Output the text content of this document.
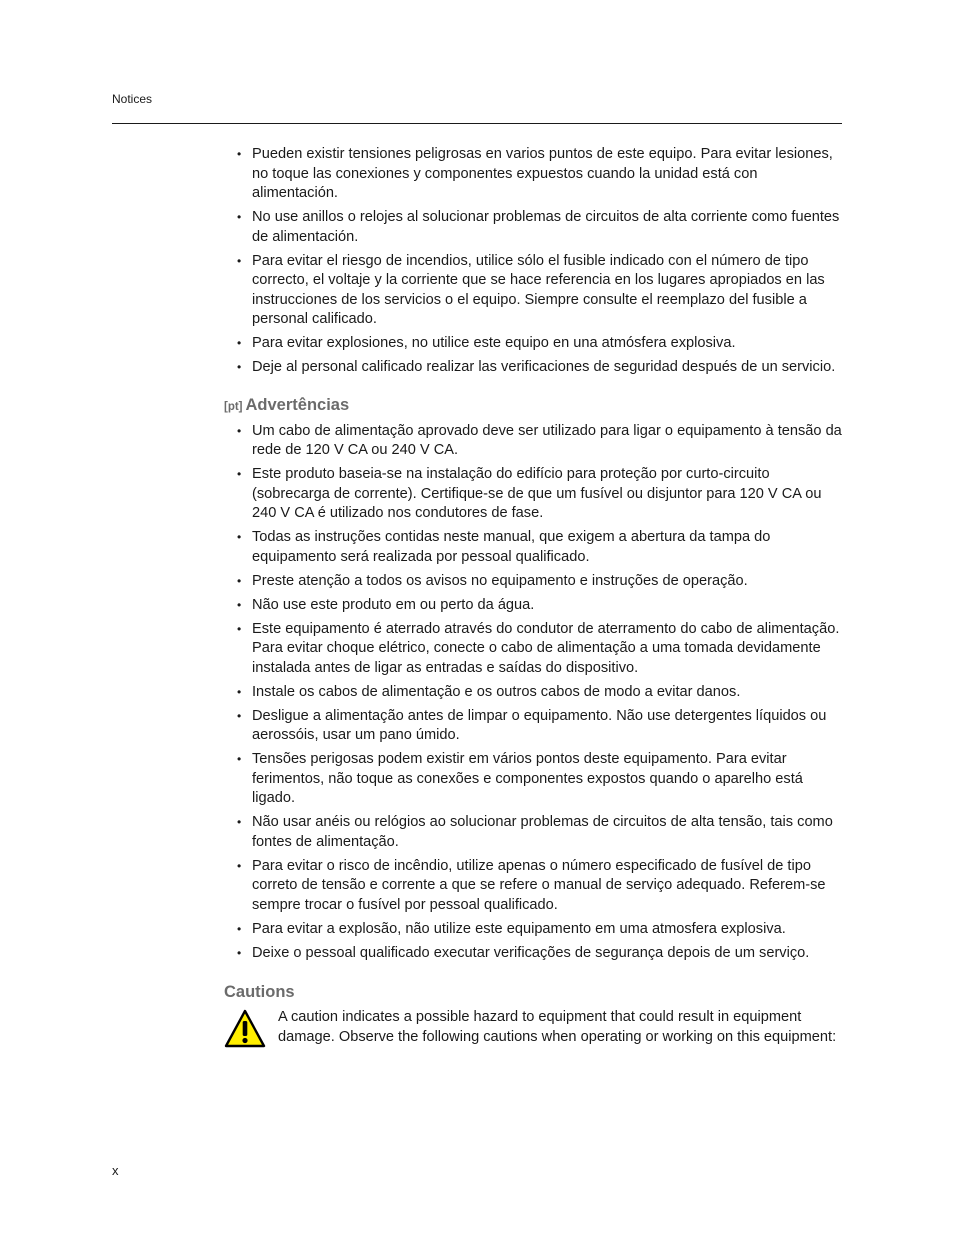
Notices
• Pueden existir tensiones peligrosas en varios puntos de este equipo. Para evitar lesiones, no toque las conexiones y componentes expuestos cuando la unidad está con alimentación.
• No use anillos o relojes al solucionar problemas de circuitos de alta corriente como fuentes de alimentación.
• Para evitar el riesgo de incendios, utilice sólo el fusible indicado con el número de tipo correcto, el voltaje y la corriente que se hace referencia en los lugares apropiados en las instrucciones de los servicios o el equipo. Siempre consulte el reemplazo del fusible a personal calificado.
• Para evitar explosiones, no utilice este equipo en una atmósfera explosiva.
• Deje al personal calificado realizar las verificaciones de seguridad después de un servicio.
[pt] Advertências
• Um cabo de alimentação aprovado deve ser utilizado para ligar o equipamento à tensão da rede de 120 V CA ou 240 V CA.
• Este produto baseia-se na instalação do edifício para proteção por curto-circuito (sobrecarga de corrente). Certifique-se de que um fusível ou disjuntor para 120 V CA ou 240 V CA é utilizado nos condutores de fase.
• Todas as instruções contidas neste manual, que exigem a abertura da tampa do equipamento será realizada por pessoal qualificado.
• Preste atenção a todos os avisos no equipamento e instruções de operação.
• Não use este produto em ou perto da água.
• Este equipamento é aterrado através do condutor de aterramento do cabo de alimentação. Para evitar choque elétrico, conecte o cabo de alimentação a uma tomada devidamente instalada antes de ligar as entradas e saídas do dispositivo.
• Instale os cabos de alimentação e os outros cabos de modo a evitar danos.
• Desligue a alimentação antes de limpar o equipamento. Não use detergentes líquidos ou aerossóis, usar um pano úmido.
• Tensões perigosas podem existir em vários pontos deste equipamento. Para evitar ferimentos, não toque as conexões e componentes expostos quando o aparelho está ligado.
• Não usar anéis ou relógios ao solucionar problemas de circuitos de alta tensão, tais como fontes de alimentação.
• Para evitar o risco de incêndio, utilize apenas o número especificado de fusível de tipo correto de tensão e corrente a que se refere o manual de serviço adequado. Referem-se sempre trocar o fusível por pessoal qualificado.
• Para evitar a explosão, não utilize este equipamento em uma atmosfera explosiva.
• Deixe o pessoal qualificado executar verificações de segurança depois de um serviço.
Cautions
A caution indicates a possible hazard to equipment that could result in equipment damage. Observe the following cautions when operating or working on this equipment:
x
